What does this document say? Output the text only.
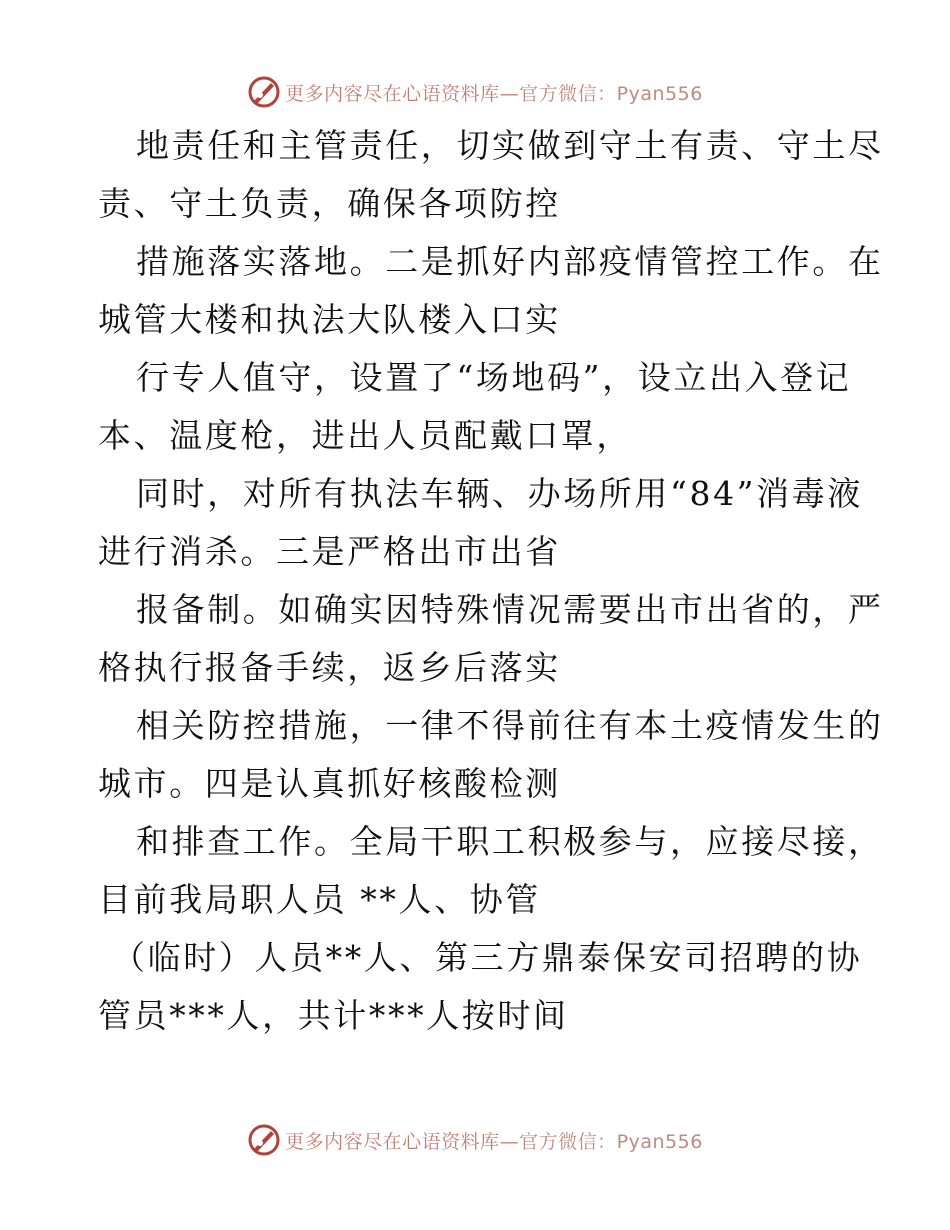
更多内容尽在心语资料库—官方微信：Pyan556
地责任和主管责任，切实做到守土有责、守土尽
责、守土负责，确保各项防控
措施落实落地。二是抓好内部疫情管控工作。在
城管大楼和执法大队楼入口实
行专人值守，设置了“场地码”，设立出入登记
本、温度枪，进出人员配戴口罩，
同时，对所有执法车辆、办场所用“84”消毒液
进行消杀。三是严格出市出省
报备制。如确实因特殊情况需要出市出省的，严
格执行报备手续，返乡后落实
相关防控措施，一律不得前往有本土疫情发生的
城市。四是认真抓好核酸检测
和排查工作。全局干职工积极参与，应接尽接，
目前我局职人员 **人、协管
（临时）人员**人、第三方鼎泰保安司招聘的协
管员***人，共计***人按时间
更多内容尽在心语资料库—官方微信：Pyan556
